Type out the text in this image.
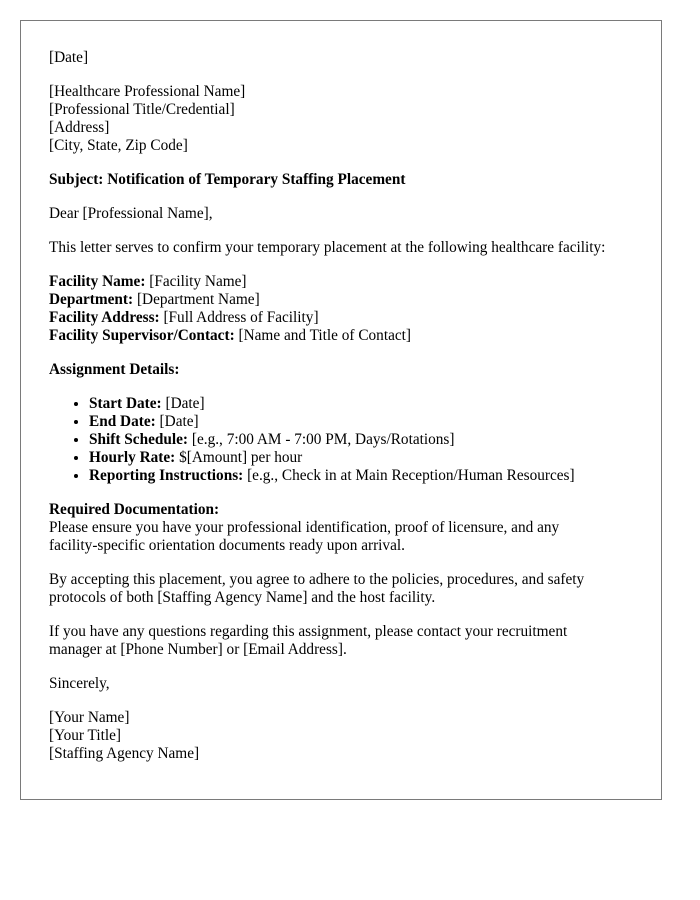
[Date]
[Healthcare Professional Name]
[Professional Title/Credential]
[Address]
[City, State, Zip Code]
Subject: Notification of Temporary Staffing Placement
Dear [Professional Name],
This letter serves to confirm your temporary placement at the following healthcare facility:
Facility Name: [Facility Name]
Department: [Department Name]
Facility Address: [Full Address of Facility]
Facility Supervisor/Contact: [Name and Title of Contact]
Assignment Details:
• Start Date: [Date]
• End Date: [Date]
• Shift Schedule: [e.g., 7:00 AM - 7:00 PM, Days/Rotations]
• Hourly Rate: $[Amount] per hour
• Reporting Instructions: [e.g., Check in at Main Reception/Human Resources]
Required Documentation:
Please ensure you have your professional identification, proof of licensure, and any
facility-specific orientation documents ready upon arrival.
By accepting this placement, you agree to adhere to the policies, procedures, and safety
protocols of both [Staffing Agency Name] and the host facility.
If you have any questions regarding this assignment, please contact your recruitment
manager at [Phone Number] or [Email Address].
Sincerely,
[Your Name]
[Your Title]
[Staffing Agency Name]
